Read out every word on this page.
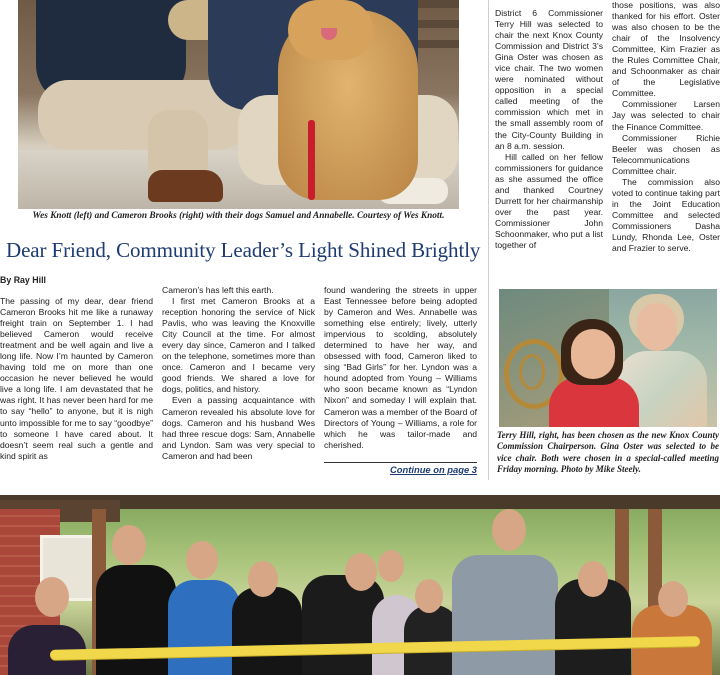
Wes Knott (left) and Cameron Brooks (right) with their dogs Samuel and Annabelle. Courtesy of Wes Knott.
Dear Friend, Community Leader’s Light Shined Brightly
By Ray Hill

The passing of my dear, dear friend Cameron Brooks hit me like a runaway freight train on September 1. I had believed Cameron would receive treatment and be well again and live a long life. Now I’m haunted by Cameron having told me on more than one occasion he never believed he would live a long life. I am devastated that he was right. It has never been hard for me to say “hello” to anyone, but it is nigh unto impossible for me to say “goodbye” to someone I have cared about. It doesn’t seem real such a gentle and kind spirit as

Cameron’s has left this earth.

I first met Cameron Brooks at a reception honoring the service of Nick Pavlis, who was leaving the Knoxville City Council at the time. For almost every day since, Cameron and I talked on the telephone, sometimes more than once. Cameron and I became very good friends. We shared a love for dogs, politics, and history.

Even a passing acquaintance with Cameron revealed his absolute love for dogs. Cameron and his husband Wes had three rescue dogs: Sam, Annabelle and Lyndon. Sam was very special to Cameron and had been

found wandering the streets in upper East Tennessee before being adopted by Cameron and Wes. Annabelle was something else entirely; lively, utterly impervious to scolding, absolutely determined to have her way, and obsessed with food, Cameron liked to sing “Bad Girls” for her. Lyndon was a hound adopted from Young – Williams who soon became known as “Lyndon Nixon” and someday I will explain that. Cameron was a member of the Board of Directors of Young – Williams, a role for which he was tailor-made and cherished.

Continue on page 3

District 6 Commissioner Terry Hill was selected to chair the next Knox County Commission and District 3’s Gina Oster was chosen as vice chair. The two women were nominated without opposition in a special called meeting of the commission which met in the small assembly room of the City-County Building in an 8 a.m. session.

Hill called on her fellow commissioners for guidance as she assumed the office and thanked Courtney Durrett for her chairmanship over the past year. Commissioner John Schoonmaker, who put a list together of

those positions, was also thanked for his effort. Oster was also chosen to be the chair of the Insolvency Committee, Kim Frazier as the Rules Committee Chair, and Schoonmaker as chair of the Legislative Committee.

Commissioner Larsen Jay was selected to chair the Finance Committee.

Commissioner Richie Beeler was chosen as Telecommunications Committee chair.

The commission also voted to continue taking part in the Joint Education Committee and selected Commissioners Dasha Lundy, Rhonda Lee, Oster and Frazier to serve.

Terry Hill, right, has been chosen as the new Knox County Commission Chairperson. Gina Oster was selected to be vice chair. Both were chosen in a special-called meeting Friday morning. Photo by Mike Steely.
